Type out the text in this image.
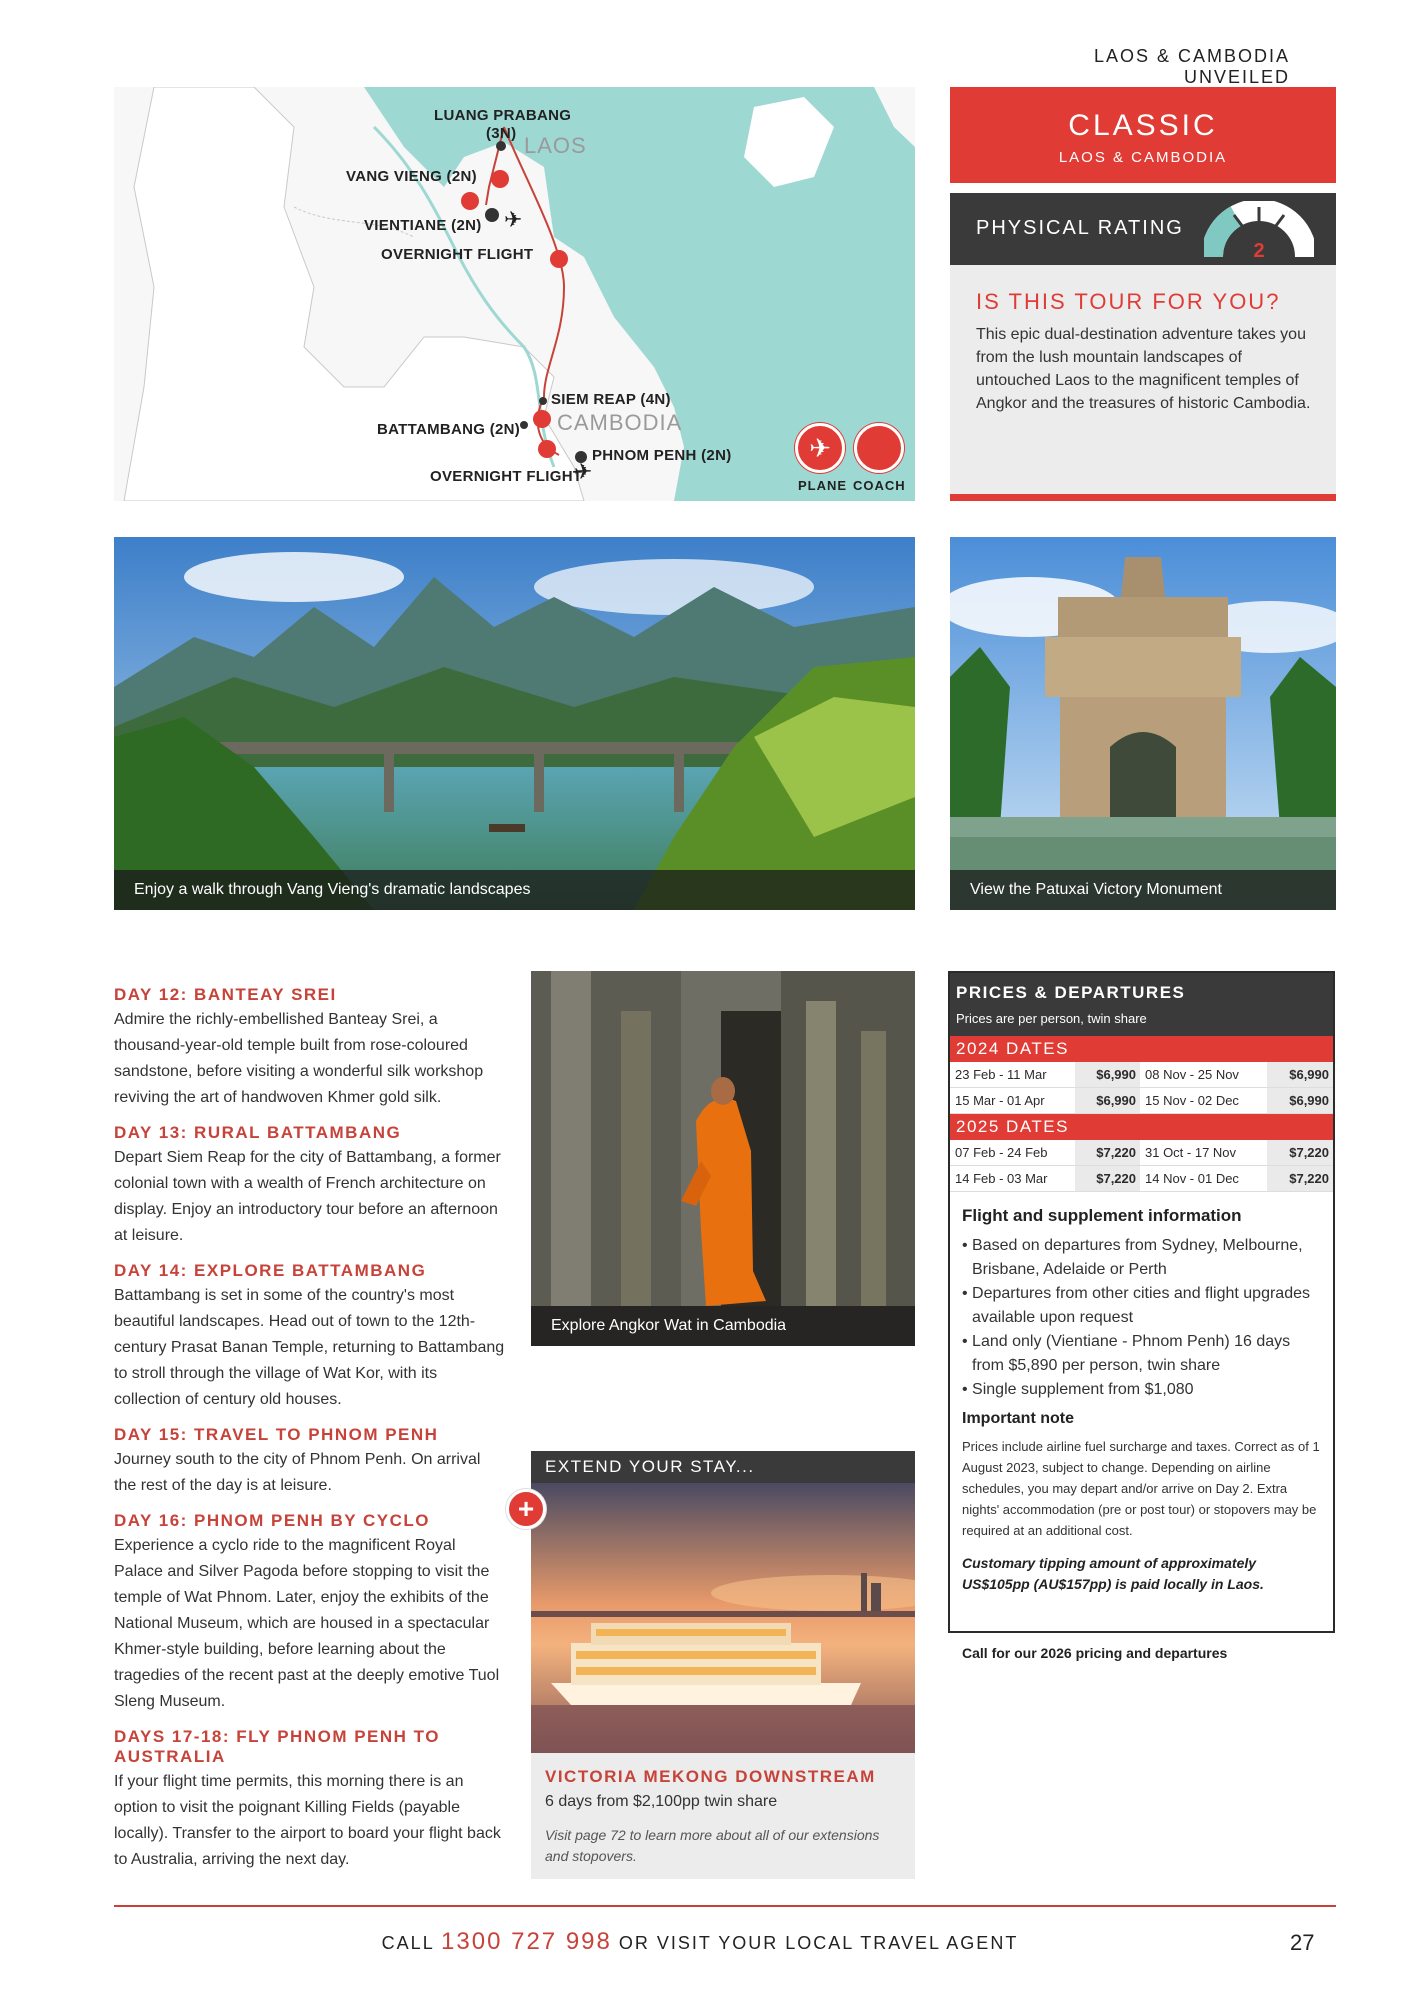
LAOS & CAMBODIA UNVEILED
LUANG PRABANG
(3N)
VANG VIENG (2N)
VIENTIANE (2N)
OVERNIGHT FLIGHT
SIEM REAP (4N)
BATTAMBANG (2N)
PHNOM PENH (2N)
OVERNIGHT FLIGHT
LAOS
CAMBODIA
✈
✈
✈
PLANE COACH
CLASSIC
LAOS & CAMBODIA
PHYSICAL RATING
2
IS THIS TOUR FOR YOU?
This epic dual-destination adventure takes you from the lush mountain landscapes of untouched Laos to the magnificent temples of Angkor and the treasures of historic Cambodia.
Enjoy a walk through Vang Vieng's dramatic landscapes	View the Patuxai Victory Monument
DAY 12: BANTEAY SREI
Admire the richly-embellished Banteay Srei, a thousand-year-old temple built from rose-coloured sandstone, before visiting a wonderful silk workshop reviving the art of handwoven Khmer gold silk.
DAY 13: RURAL BATTAMBANG
Depart Siem Reap for the city of Battambang, a former colonial town with a wealth of French architecture on display. Enjoy an introductory tour before an afternoon at leisure.
DAY 14: EXPLORE BATTAMBANG
Battambang is set in some of the country's most beautiful landscapes. Head out of town to the 12th-century Prasat Banan Temple, returning to Battambang to stroll through the village of Wat Kor, with its collection of century old houses.
DAY 15: TRAVEL TO PHNOM PENH
Journey south to the city of Phnom Penh. On arrival the rest of the day is at leisure.
DAY 16: PHNOM PENH BY CYCLO
Experience a cyclo ride to the magnificent Royal Palace and Silver Pagoda before stopping to visit the temple of Wat Phnom. Later, enjoy the exhibits of the National Museum, which are housed in a spectacular Khmer-style building, before learning about the tragedies of the recent past at the deeply emotive Tuol Sleng Museum.
DAYS 17-18: FLY PHNOM PENH TO AUSTRALIA
If your flight time permits, this morning there is an option to visit the poignant Killing Fields (payable locally). Transfer to the airport to board your flight back to Australia, arriving the next day.
Explore Angkor Wat in Cambodia
EXTEND YOUR STAY...
+
VICTORIA MEKONG DOWNSTREAM
6 days from $2,100pp twin share
Visit page 72 to learn more about all of our extensions and stopovers.
PRICES & DEPARTURES
Prices are per person, twin share
2024 DATES
23 Feb - 11 Mar	$6,990 08 Nov - 25 Nov	$6,990
15 Mar - 01 Apr	$6,990 15 Nov - 02 Dec	$6,990
2025 DATES
07 Feb - 24 Feb	$7,220 31 Oct - 17 Nov	$7,220
14 Feb - 03 Mar	$7,220 14 Nov - 01 Dec	$7,220
Flight and supplement information
• Based on departures from Sydney, Melbourne, Brisbane, Adelaide or Perth
• Departures from other cities and flight upgrades available upon request
• Land only (Vientiane - Phnom Penh) 16 days from $5,890 per person, twin share
• Single supplement from $1,080
Important note
Prices include airline fuel surcharge and taxes. Correct as of 1 August 2023, subject to change. Depending on airline schedules, you may depart and/or arrive on Day 2. Extra nights' accommodation (pre or post tour) or stopovers may be required at an additional cost.
Customary tipping amount of approximately US$105pp (AU$157pp) is paid locally in Laos.
Call for our 2026 pricing and departures
CALL 1300 727 998 OR VISIT YOUR LOCAL TRAVEL AGENT	27
